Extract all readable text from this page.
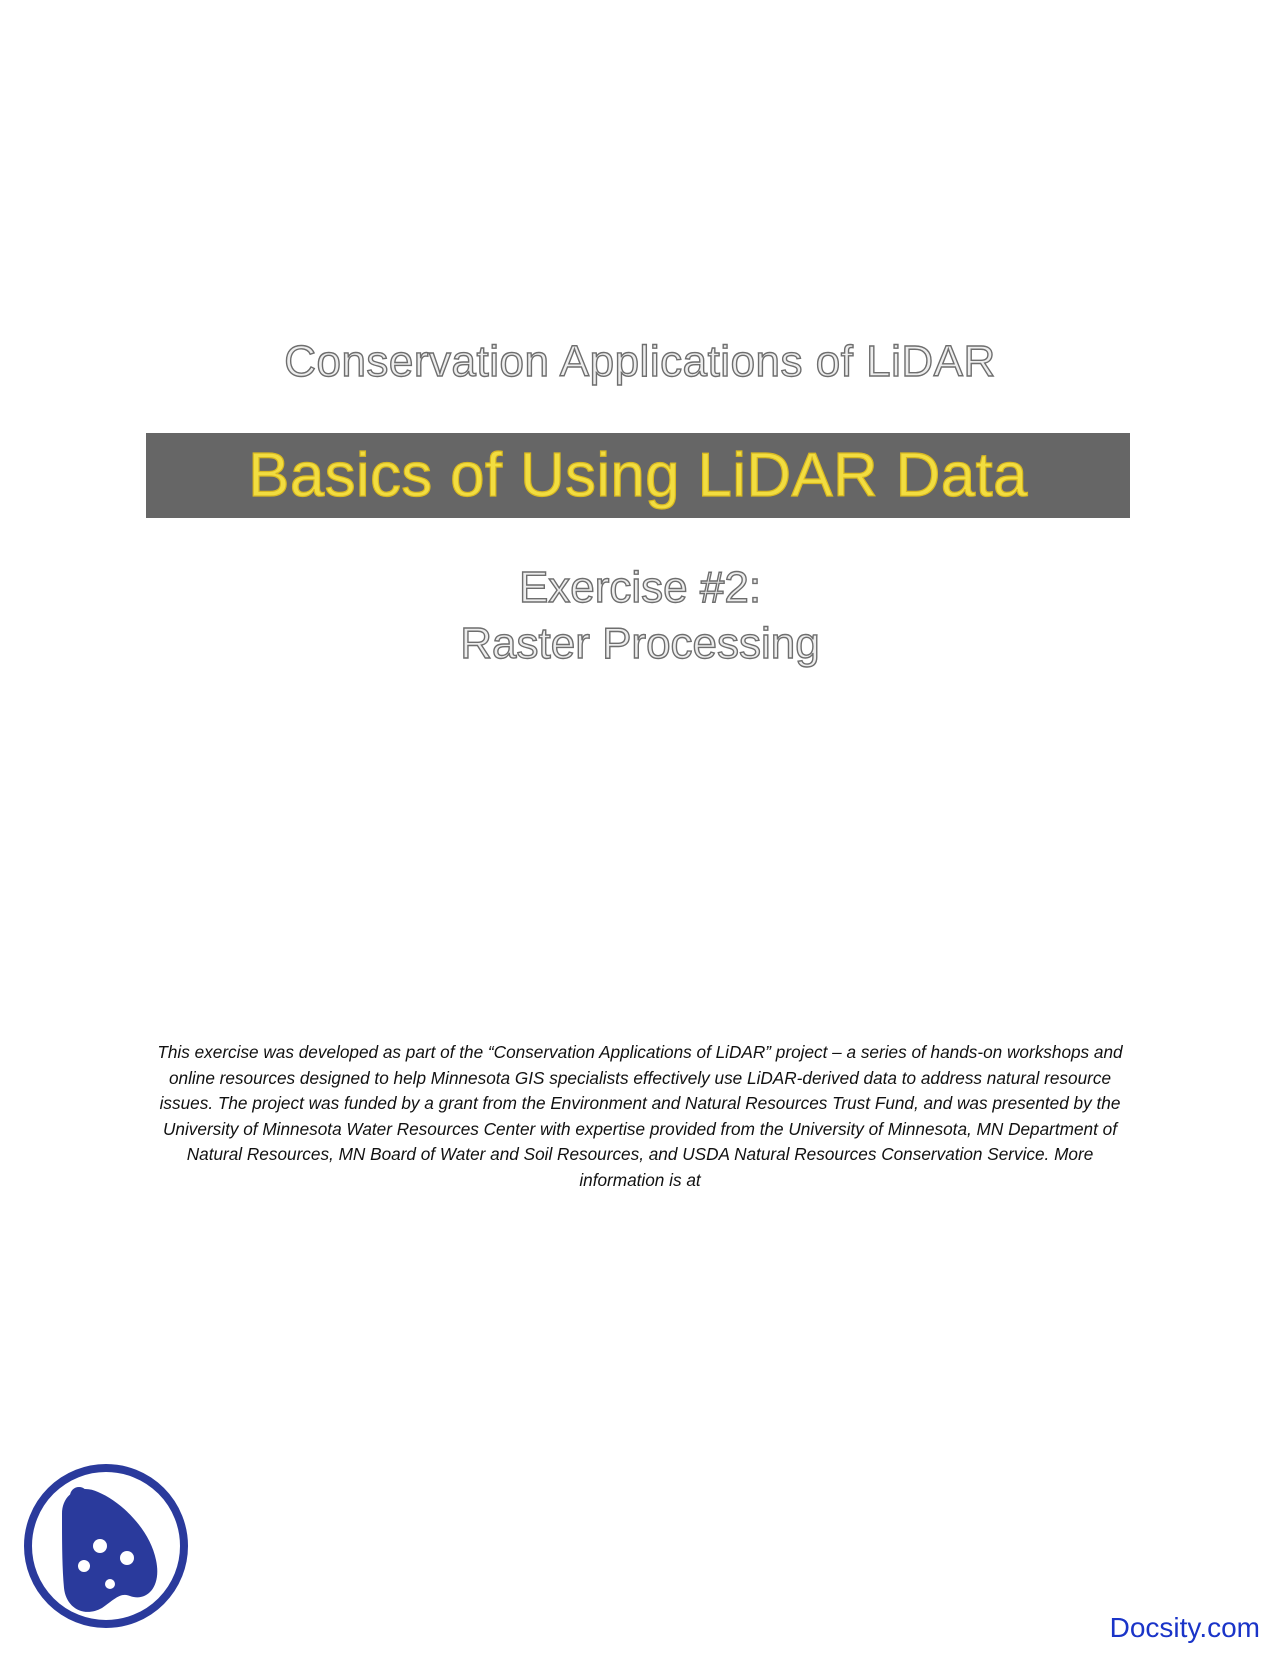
Conservation Applications of LiDAR
Basics of Using LiDAR Data
Exercise #2:
Raster Processing
This exercise was developed as part of the “Conservation Applications of LiDAR” project – a series of hands-on workshops and online resources designed to help Minnesota GIS specialists effectively use LiDAR-derived data to address natural resource issues. The project was funded by a grant from the Environment and Natural Resources Trust Fund, and was presented by the University of Minnesota Water Resources Center with expertise provided from the University of Minnesota, MN Department of Natural Resources, MN Board of Water and Soil Resources, and USDA Natural Resources Conservation Service. More information is at
Docsity.com
